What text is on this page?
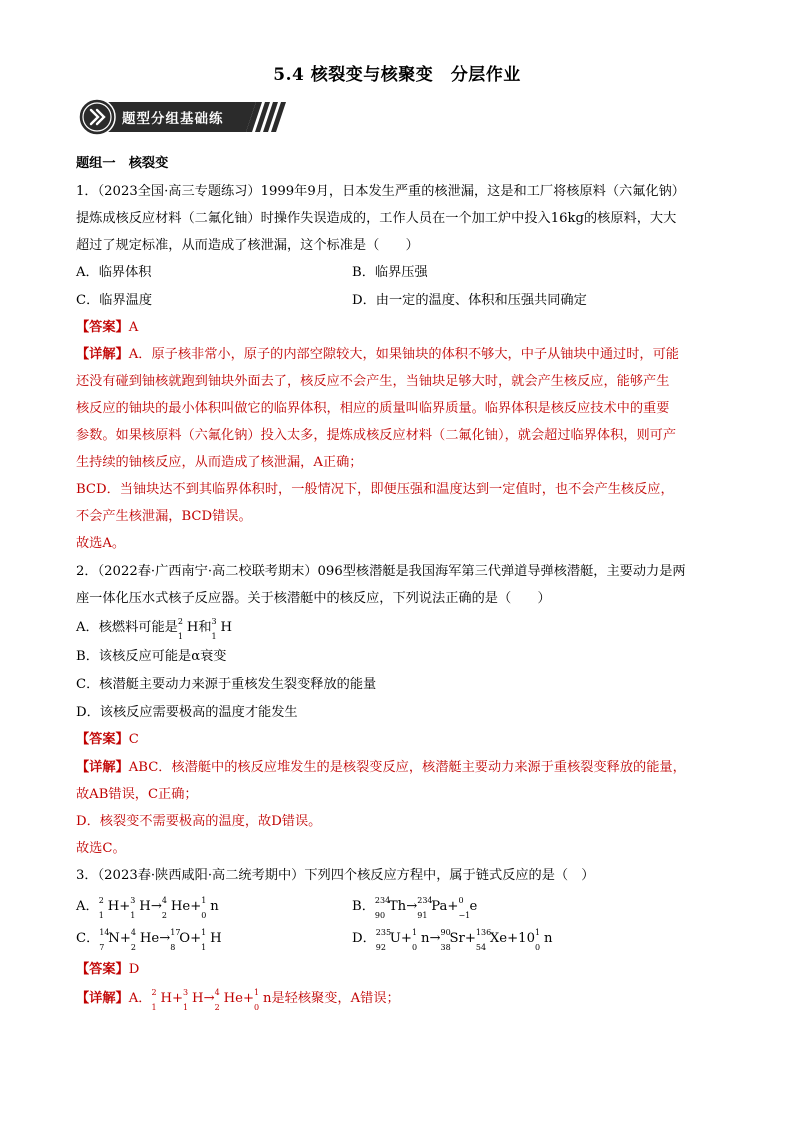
5.4 核裂变与核聚变　分层作业
题型分组基础练
题组一　核裂变
1．（2023全国·高三专题练习）1999年9月，日本发生严重的核泄漏，这是和工厂将核原料（六氟化钠）
提炼成核反应材料（二氟化铀）时操作失误造成的，工作人员在一个加工炉中投入16kg的核原料，大大
超过了规定标准，从而造成了核泄漏，这个标准是（　　）
A．临界体积	B．临界压强
C．临界温度	D．由一定的温度、体积和压强共同确定
【答案】A
【详解】A．原子核非常小，原子的内部空隙较大，如果铀块的体积不够大，中子从铀块中通过时，可能
还没有碰到铀核就跑到铀块外面去了，核反应不会产生，当铀块足够大时，就会产生核反应，能够产生
核反应的铀块的最小体积叫做它的临界体积，相应的质量叫临界质量。临界体积是核反应技术中的重要
参数。如果核原料（六氟化钠）投入太多，提炼成核反应材料（二氟化铀），就会超过临界体积，则可产
生持续的铀核反应，从而造成了核泄漏，A正确；
BCD．当铀块达不到其临界体积时，一般情况下，即便压强和温度达到一定值时，也不会产生核反应，
不会产生核泄漏，BCD错误。
故选A。
2．（2022春·广西南宁·高二校联考期末）096型核潜艇是我国海军第三代弹道导弹核潜艇，主要动力是两
座一体化压水式核子反应器。关于核潜艇中的核反应，下列说法正确的是（　　）
A．核燃料可能是 2
1
H和 3
1
H
B．该核反应可能是α衰变
C．核潜艇主要动力来源于重核发生裂变释放的能量
D．该核反应需要极高的温度才能发生
【答案】C
【详解】ABC．核潜艇中的核反应堆发生的是核裂变反应，核潜艇主要动力来源于重核裂变释放的能量，
故AB错误，C正确；
D．核裂变不需要极高的温度，故D错误。
故选C。
3．（2023春·陕西咸阳·高二统考期中）下列四个核反应方程中，属于链式反应的是（　）
A． 2
1
H+ 3
1
H→ 4
2
He+ 1
0
n	B． 234
90
Th→ 234
91
Pa+ 0
−1
e
C． 14
7
N+ 4
2
He→ 17
8
O+ 1
1
H	D． 235
92
U+ 1
0
n→ 90
38
Sr+ 136
54
Xe+10 1
0
n
【答案】D
【详解】A． 2
1
H+ 3
1
H→ 4
2
He+ 1
0
n是轻核聚变，A错误；
